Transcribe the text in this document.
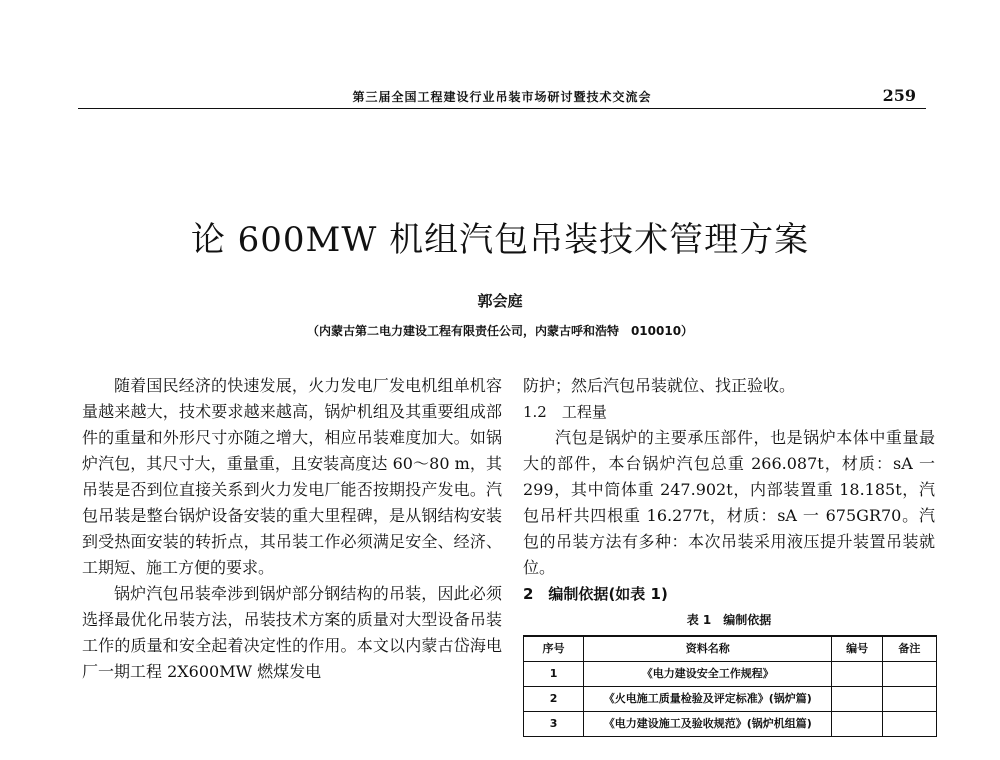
第三届全国工程建设行业吊装市场研讨暨技术交流会	259
论 600MW 机组汽包吊装技术管理方案
郭会庭
（内蒙古第二电力建设工程有限责任公司，内蒙古呼和浩特　010010）

随着国民经济的快速发展，火力发电厂发电机组单机容量越来越大，技术要求越来越高，锅炉机组及其重要组成部件的重量和外形尺寸亦随之增大，相应吊装难度加大。如锅炉汽包，其尺寸大，重量重，且安装高度达 60～80 m，其吊装是否到位直接关系到火力发电厂能否按期投产发电。汽包吊装是整台锅炉设备安装的重大里程碑，是从钢结构安装到受热面安装的转折点，其吊装工作必须满足安全、经济、工期短、施工方便的要求。

锅炉汽包吊装牵涉到锅炉部分钢结构的吊装，因此必须选择最优化吊装方法，吊装技术方案的质量对大型设备吊装工作的质量和安全起着决定性的作用。本文以内蒙古岱海电厂一期工程 2X600MW 燃煤发电

防护；然后汽包吊装就位、找正验收。

1.2　工程量

汽包是锅炉的主要承压部件，也是锅炉本体中重量最大的部件，本台锅炉汽包总重 266.087t，材质：sA 一 299，其中筒体重 247.902t，内部装置重 18.185t，汽包吊杆共四根重 16.277t，材质：sA 一 675GR70。汽包的吊装方法有多种：本次吊装采用液压提升装置吊装就位。

2　编制依据(如表 1)

表 1　编制依据
序号	资料名称	编号	备注
1	《电力建设安全工作规程》		
2	《火电施工质量检验及评定标准》(锅炉篇)		
3	《电力建设施工及验收规范》(锅炉机组篇)		
